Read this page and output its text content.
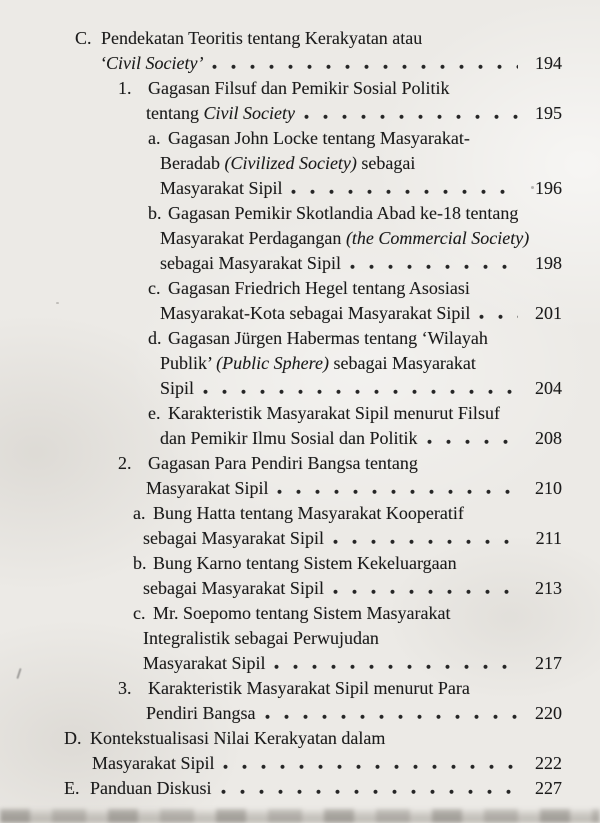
C. Pendekatan Teoritis tentang Kerakyatan atau
‘Civil Society’	194
1. Gagasan Filsuf dan Pemikir Sosial Politik
tentang Civil Society	195
a. Gagasan John Locke tentang Masyarakat-
Beradab (Civilized Society) sebagai
Masyarakat Sipil	196
b. Gagasan Pemikir Skotlandia Abad ke-18 tentang
Masyarakat Perdagangan (the Commercial Society)
sebagai Masyarakat Sipil	198
c. Gagasan Friedrich Hegel tentang Asosiasi
Masyarakat-Kota sebagai Masyarakat Sipil	201
d. Gagasan Jürgen Habermas tentang ‘Wilayah
Publik’ (Public Sphere) sebagai Masyarakat
Sipil	204
e. Karakteristik Masyarakat Sipil menurut Filsuf
dan Pemikir Ilmu Sosial dan Politik	208
2. Gagasan Para Pendiri Bangsa tentang
Masyarakat Sipil	210
a. Bung Hatta tentang Masyarakat Kooperatif
sebagai Masyarakat Sipil	211
b. Bung Karno tentang Sistem Kekeluargaan
sebagai Masyarakat Sipil	213
c. Mr. Soepomo tentang Sistem Masyarakat
Integralistik sebagai Perwujudan
Masyarakat Sipil	217
3. Karakteristik Masyarakat Sipil menurut Para
Pendiri Bangsa	220
D. Kontekstualisasi Nilai Kerakyatan dalam
Masyarakat Sipil	222
E. Panduan Diskusi	227
